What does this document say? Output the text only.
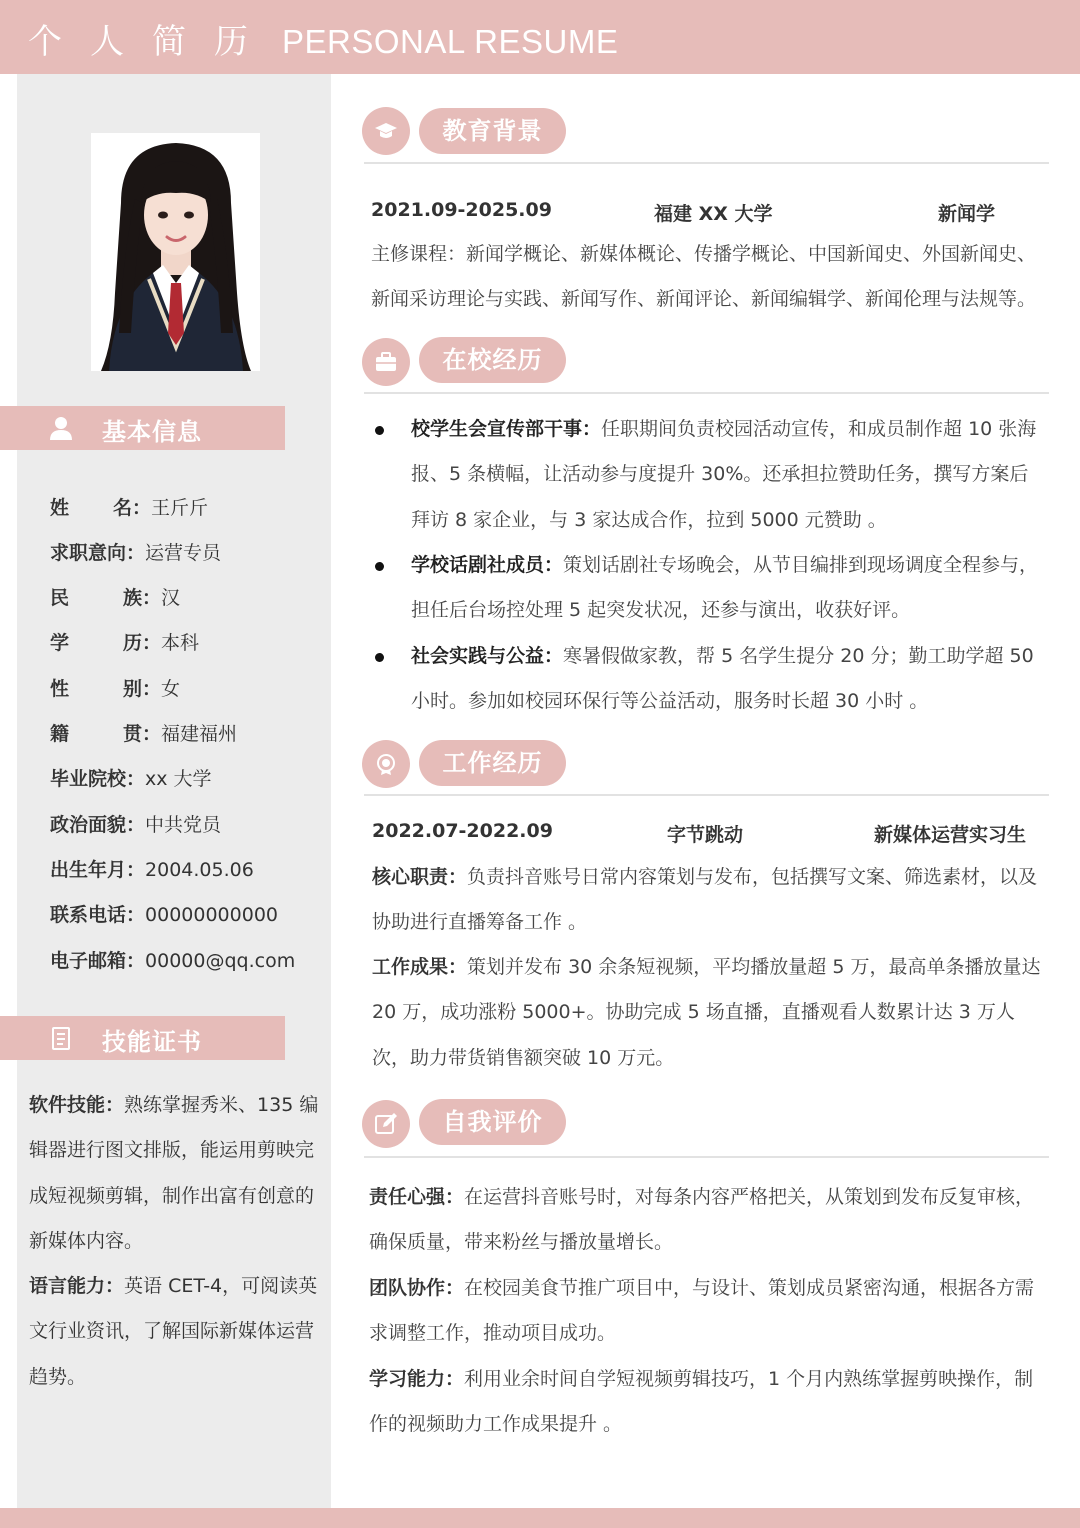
个人简历 PERSONAL RESUME
基本信息
姓　名：王斤斤
求职意向：运营专员
民　族：汉
学　历：本科
性　别：女
籍　贯：福建福州
毕业院校：xx 大学
政治面貌：中共党员
出生年月：2004.05.06
联系电话：00000000000
电子邮箱：00000@qq.com
技能证书
软件技能：熟练掌握秀米、135 编辑器进行图文排版，能运用剪映完成短视频剪辑，制作出富有创意的新媒体内容。
语言能力：英语 CET-4，可阅读英文行业资讯，了解国际新媒体运营趋势。
教育背景
2021.09-2025.09	福建 XX 大学	新闻学
主修课程：新闻学概论、新媒体概论、传播学概论、中国新闻史、外国新闻史、新闻采访理论与实践、新闻写作、新闻评论、新闻编辑学、新闻伦理与法规等。
在校经历
校学生会宣传部干事：任职期间负责校园活动宣传，和成员制作超 10 张海报、5 条横幅，让活动参与度提升 30%。还承担拉赞助任务，撰写方案后拜访 8 家企业，与 3 家达成合作，拉到 5000 元赞助 。
学校话剧社成员：策划话剧社专场晚会，从节目编排到现场调度全程参与，担任后台场控处理 5 起突发状况，还参与演出，收获好评。
社会实践与公益：寒暑假做家教，帮 5 名学生提分 20 分；勤工助学超 50 小时。参加如校园环保行等公益活动，服务时长超 30 小时 。
工作经历
2022.07-2022.09	字节跳动	新媒体运营实习生
核心职责：负责抖音账号日常内容策划与发布，包括撰写文案、筛选素材，以及协助进行直播筹备工作 。
工作成果：策划并发布 30 余条短视频，平均播放量超 5 万，最高单条播放量达 20 万，成功涨粉 5000+。协助完成 5 场直播，直播观看人数累计达 3 万人次，助力带货销售额突破 10 万元。
自我评价
责任心强：在运营抖音账号时，对每条内容严格把关，从策划到发布反复审核，确保质量，带来粉丝与播放量增长。
团队协作：在校园美食节推广项目中，与设计、策划成员紧密沟通，根据各方需求调整工作，推动项目成功。
学习能力：利用业余时间自学短视频剪辑技巧，1 个月内熟练掌握剪映操作，制作的视频助力工作成果提升 。
